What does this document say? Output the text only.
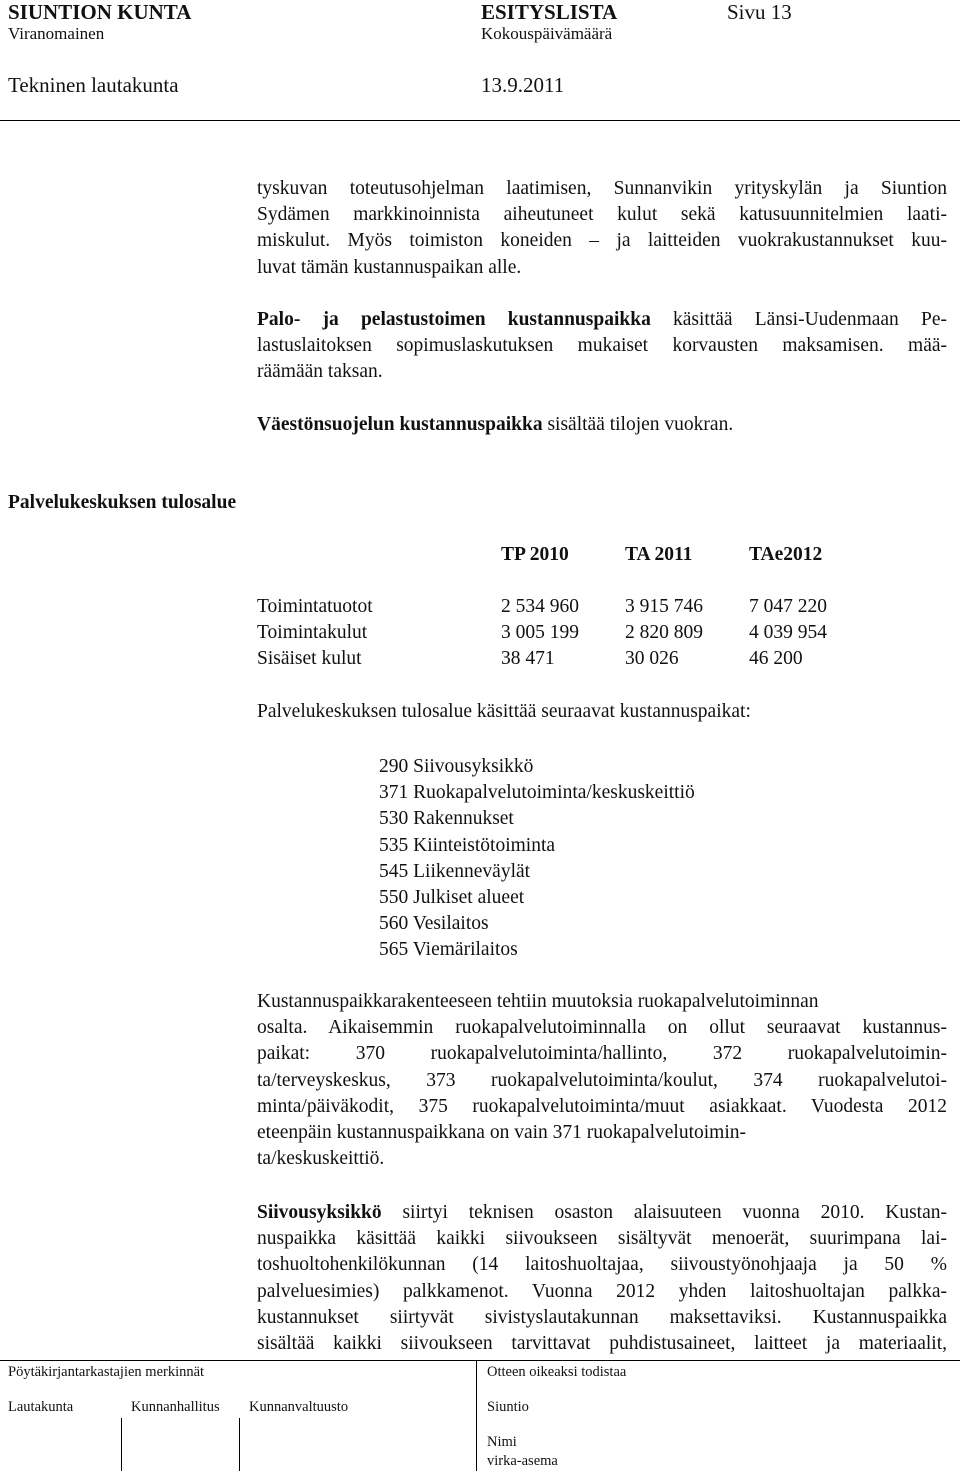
SIUNTION KUNTA
Viranomainen
ESITYSLISTA
Kokouspäivämäärä
Sivu 13
Tekninen lautakunta	13.9.2011
tyskuvan toteutusohjelman laatimisen, Sunnanvikin yrityskylän ja Siuntion
Sydämen markkinoinnista aiheutuneet kulut sekä katusuunnitelmien laati-
miskulut. Myös toimiston koneiden – ja laitteiden vuokrakustannukset kuu-
luvat tämän kustannuspaikan alle.
Palo- ja pelastustoimen kustannuspaikka käsittää Länsi-Uudenmaan Pe-
lastuslaitoksen sopimuslaskutuksen mukaiset korvausten maksamisen. mää-
räämään taksan.
Väestönsuojelun kustannuspaikka sisältää tilojen vuokran.
Palvelukeskuksen tulosalue
	TP 2010	TA 2011	TAe2012

Toimintatuotot	2 534 960	3 915 746	7 047 220
Toimintakulut	3 005 199	2 820 809	4 039 954
Sisäiset kulut	38 471	30 026	46 200
Palvelukeskuksen tulosalue käsittää seuraavat kustannuspaikat:
290 Siivousyksikkö
371 Ruokapalvelutoiminta/keskuskeittiö
530 Rakennukset
535 Kiinteistötoiminta
545 Liikenneväylät
550 Julkiset alueet
560 Vesilaitos
565 Viemärilaitos
Kustannuspaikkarakenteeseen tehtiin muutoksia ruokapalvelutoiminnan
osalta. Aikaisemmin ruokapalvelutoiminnalla on ollut seuraavat kustannus-
paikat: 370 ruokapalvelutoiminta/hallinto, 372 ruokapalvelutoimin-
ta/terveyskeskus, 373 ruokapalvelutoiminta/koulut, 374 ruokapalvelutoi-
minta/päiväkodit, 375 ruokapalvelutoiminta/muut asiakkaat. Vuodesta 2012
eteenpäin kustannuspaikkana on vain 371 ruokapalvelutoimin-
ta/keskuskeittiö.
Siivousyksikkö siirtyi teknisen osaston alaisuuteen vuonna 2010. Kustan-
nuspaikka käsittää kaikki siivoukseen sisältyvät menoerät, suurimpana lai-
toshuoltohenkilökunnan (14 laitoshuoltajaa, siivoustyönohjaaja ja 50 %
palveluesimies) palkkamenot. Vuonna 2012 yhden laitoshuoltajan palkka-
kustannukset siirtyvät sivistyslautakunnan maksettaviksi. Kustannuspaikka
sisältää kaikki siivoukseen tarvittavat puhdistusaineet, laitteet ja materiaalit,
Pöytäkirjantarkastajien merkinnät	Otteen oikeaksi todistaa
Lautakunta	Kunnanhallitus Kunnanvaltuusto	Siuntio
Nimi
virka-asema
